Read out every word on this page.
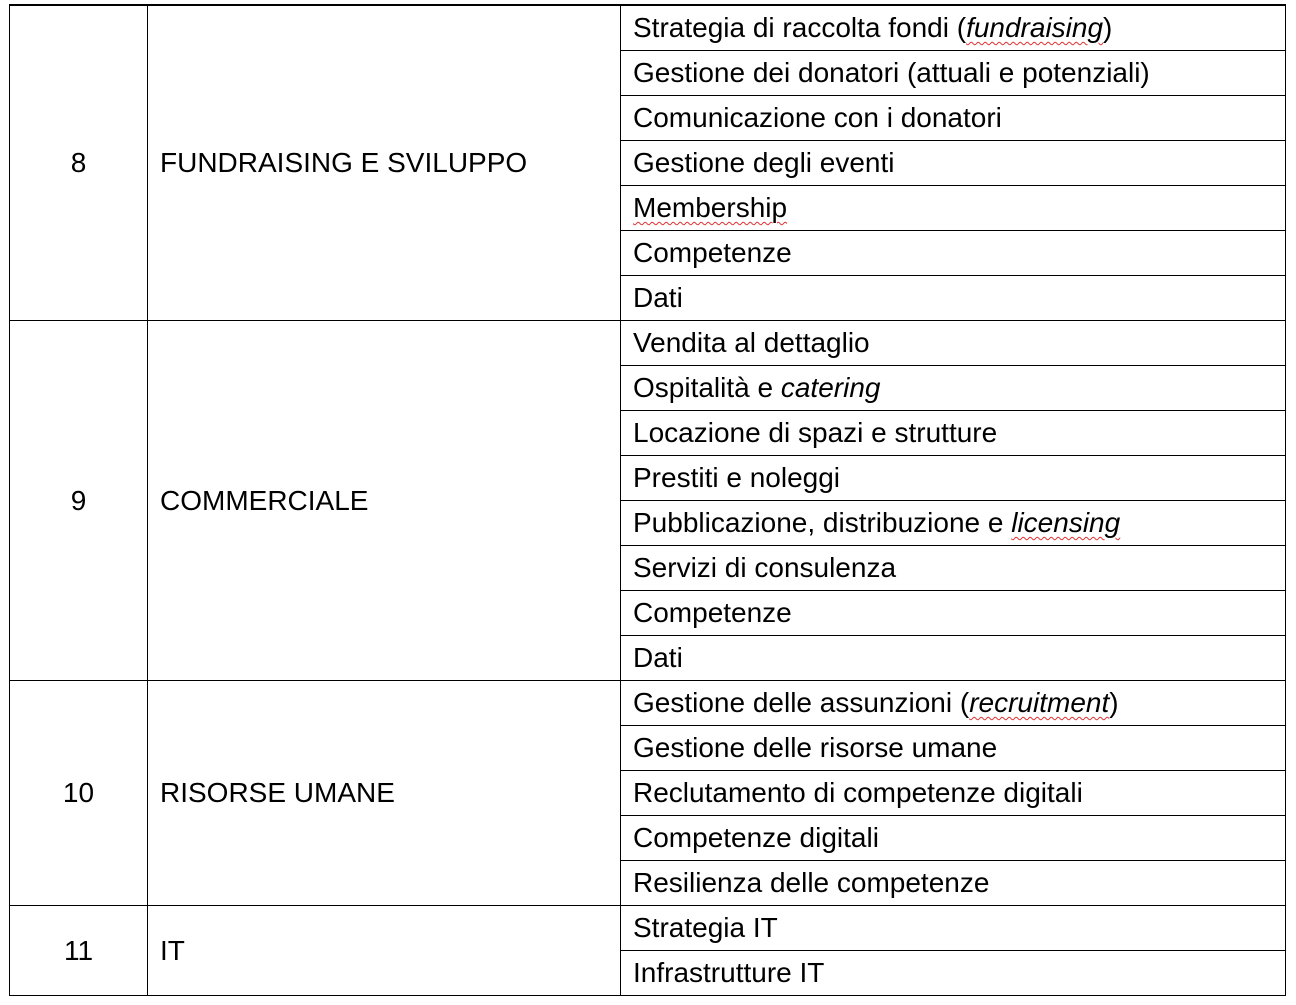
8	FUNDRAISING E SVILUPPO	Strategia di raccolta fondi (fundraising)
		Gestione dei donatori (attuali e potenziali)
		Comunicazione con i donatori
		Gestione degli eventi
		Membership
		Competenze
		Dati
9	COMMERCIALE	Vendita al dettaglio
		Ospitalità e catering
		Locazione di spazi e strutture
		Prestiti e noleggi
		Pubblicazione, distribuzione e licensing
		Servizi di consulenza
		Competenze
		Dati
10	RISORSE UMANE	Gestione delle assunzioni (recruitment)
		Gestione delle risorse umane
		Reclutamento di competenze digitali
		Competenze digitali
		Resilienza delle competenze
11	IT	Strategia IT
		Infrastrutture IT
